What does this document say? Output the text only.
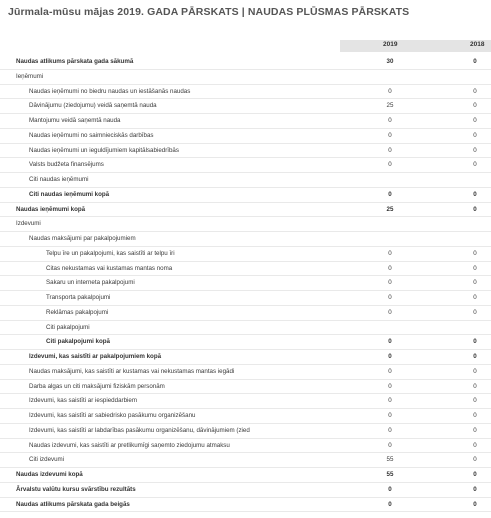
Jūrmala-mūsu mājas 2019. GADA PĀRSKATS | NAUDAS PLŪSMAS PĀRSKATS
2019	2018
Naudas atlikums pārskata gada sākumā	30	0
Ieņēmumi
Naudas ieņēmumi no biedru naudas un iestāšanās naudas	0	0
Dāvinājumu (ziedojumu) veidā saņemtā nauda	25	0
Mantojumu veidā saņemtā nauda	0	0
Naudas ieņēmumi no saimnieciskās darbības	0	0
Naudas ieņēmumi un ieguldījumiem kapitālsabiedrībās	0	0
Valsts budžeta finansējums	0	0
Citi naudas ieņēmumi
Citi naudas ieņēmumi kopā	0	0
Naudas ieņēmumi kopā	25	0
Izdevumi
Naudas maksājumi par pakalpojumiem
Telpu īre un pakalpojumi, kas saistīti ar telpu īri	0	0
Citas nekustamas vai kustamas mantas noma	0	0
Sakaru un interneta pakalpojumi	0	0
Transporta pakalpojumi	0	0
Reklāmas pakalpojumi	0	0
Citi pakalpojumi
Citi pakalpojumi kopā	0	0
Izdevumi, kas saistīti ar pakalpojumiem kopā	0	0
Naudas maksājumi, kas saistīti ar kustamas vai nekustamas mantas iegādi	0	0
Darba algas un citi maksājumi fiziskām personām	0	0
Izdevumi, kas saistīti ar iespieddarbiem	0	0
Izdevumi, kas saistīti ar sabiedrisko pasākumu organizēšanu	0	0
Izdevumi, kas saistīti ar labdarības pasākumu organizēšanu, dāvinājumiem (zied	0	0
Naudas izdevumi, kas saistīti ar pretlikumīgi saņemto ziedojumu atmaksu	0	0
Citi izdevumi	55	0
Naudas izdevumi kopā	55	0
Ārvalstu valūtu kursu svārstību rezultāts	0	0
Naudas atlikums pārskata gada beigās	0	0
